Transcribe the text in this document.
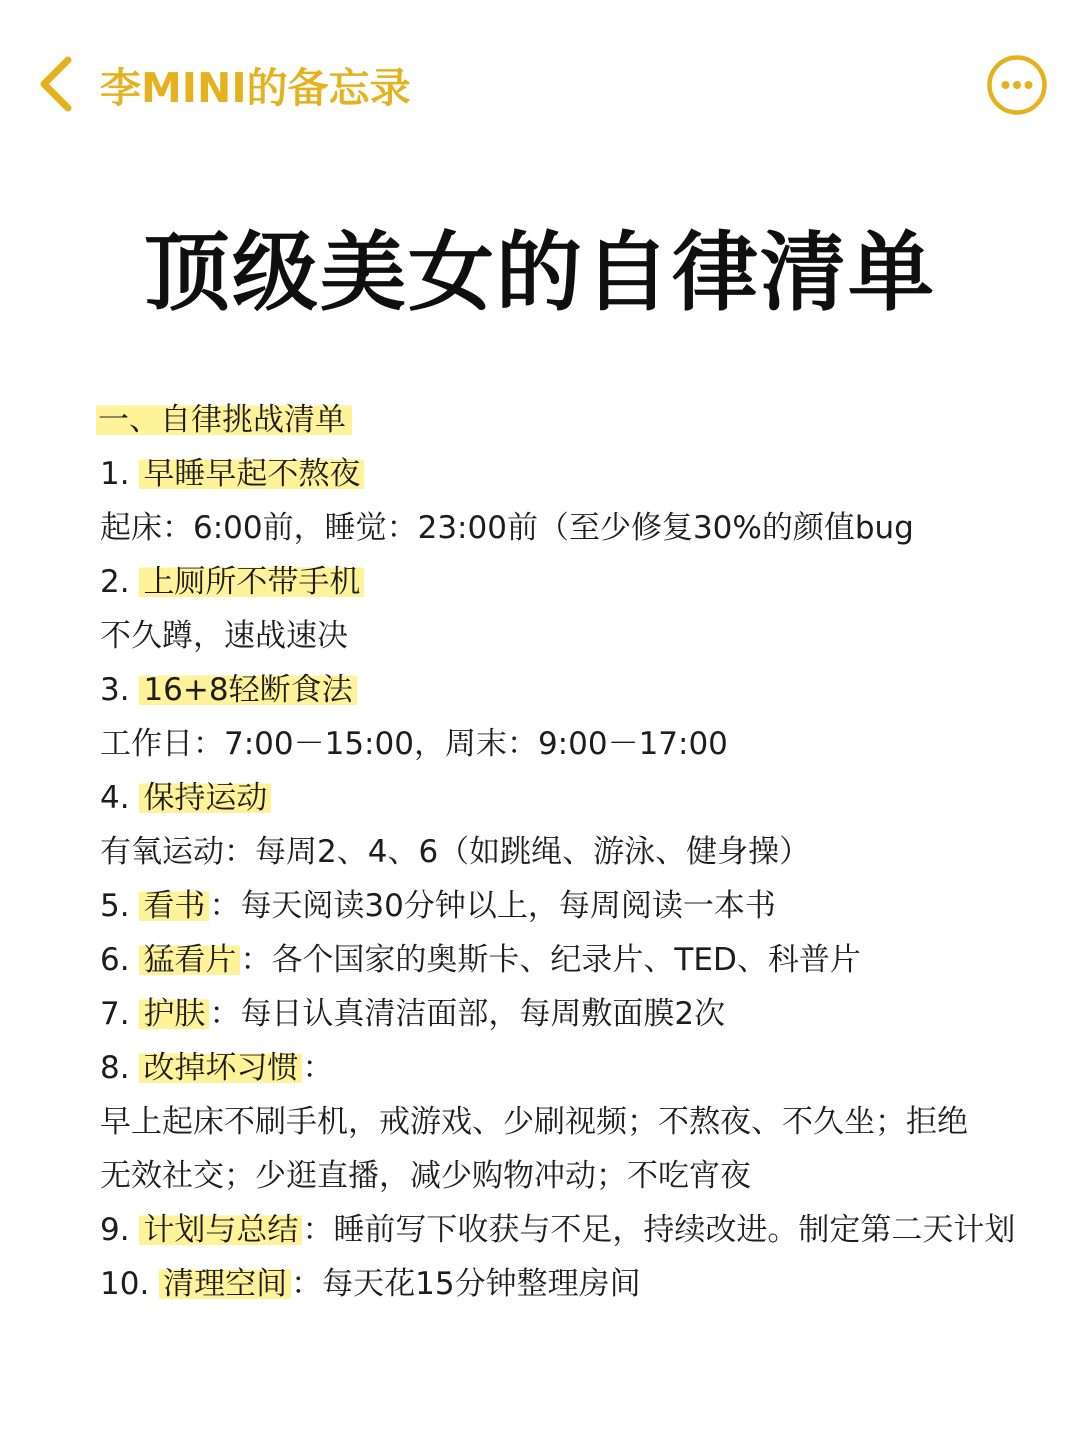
李MINI的备忘录
顶级美女的自律清单
一、自律挑战清单
1. 早睡早起不熬夜
起床：6:00前，睡觉：23:00前（至少修复30%的颜值bug
2. 上厕所不带手机
不久蹲，速战速决
3. 16+8轻断食法
工作日：7:00－15:00，周末：9:00－17:00
4. 保持运动
有氧运动：每周2、4、6（如跳绳、游泳、健身操）
5. 看书 ：每天阅读30分钟以上，每周阅读一本书
6. 猛看片 ：各个国家的奥斯卡、纪录片、TED、科普片
7. 护肤 ：每日认真清洁面部，每周敷面膜2次
8. 改掉坏习惯 ：
早上起床不刷手机，戒游戏、少刷视频；不熬夜、不久坐；拒绝无效社交；少逛直播，减少购物冲动；不吃宵夜
9. 计划与总结 ：睡前写下收获与不足，持续改进。制定第二天计划
10. 清理空间 ：每天花15分钟整理房间
